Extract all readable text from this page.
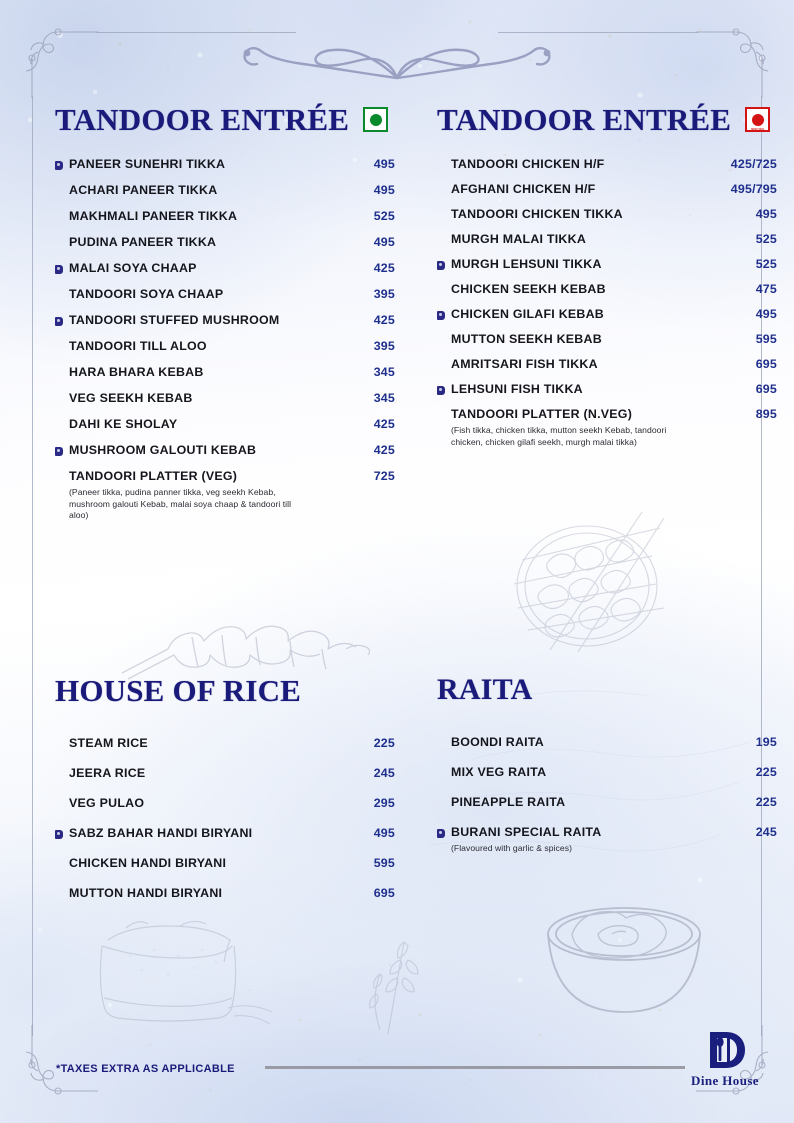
TANDOOR ENTRÉE
PANEER SUNEHRI TIKKA	495
ACHARI PANEER TIKKA	495
MAKHMALI PANEER TIKKA	525
PUDINA PANEER TIKKA	495
MALAI SOYA CHAAP	425
TANDOORI SOYA CHAAP	395
TANDOORI STUFFED MUSHROOM	425
TANDOORI TILL ALOO	395
HARA BHARA KEBAB	345
VEG SEEKH KEBAB	345
DAHI KE SHOLAY	425
MUSHROOM GALOUTI KEBAB	425
TANDOORI PLATTER (VEG)	725
(Paneer tikka, pudina panner tikka, veg seekh Kebab, mushroom galouti Kebab, malai soya chaap & tandoori till aloo)
HOUSE OF RICE
STEAM RICE	225
JEERA RICE	245
VEG PULAO	295
SABZ BAHAR HANDI BIRYANI	495
CHICKEN HANDI BIRYANI	595
MUTTON HANDI BIRYANI	695
TANDOOR ENTRÉE	NON VEG
TANDOORI CHICKEN H/F	425/725
AFGHANI CHICKEN H/F	495/795
TANDOORI CHICKEN TIKKA	495
MURGH MALAI TIKKA	525
MURGH LEHSUNI TIKKA	525
CHICKEN SEEKH KEBAB	475
CHICKEN GILAFI KEBAB	495
MUTTON SEEKH KEBAB	595
AMRITSARI FISH TIKKA	695
LEHSUNI FISH TIKKA	695
TANDOORI PLATTER (N.VEG)	895
(Fish tikka, chicken tikka, mutton seekh Kebab, tandoori chicken, chicken gilafi seekh, murgh malai tikka)
RAITA
BOONDI RAITA	195
MIX VEG RAITA	225
PINEAPPLE RAITA	225
BURANI SPECIAL RAITA	245
(Flavoured with garlic & spices)
*TAXES EXTRA AS APPLICABLE
Dine House
